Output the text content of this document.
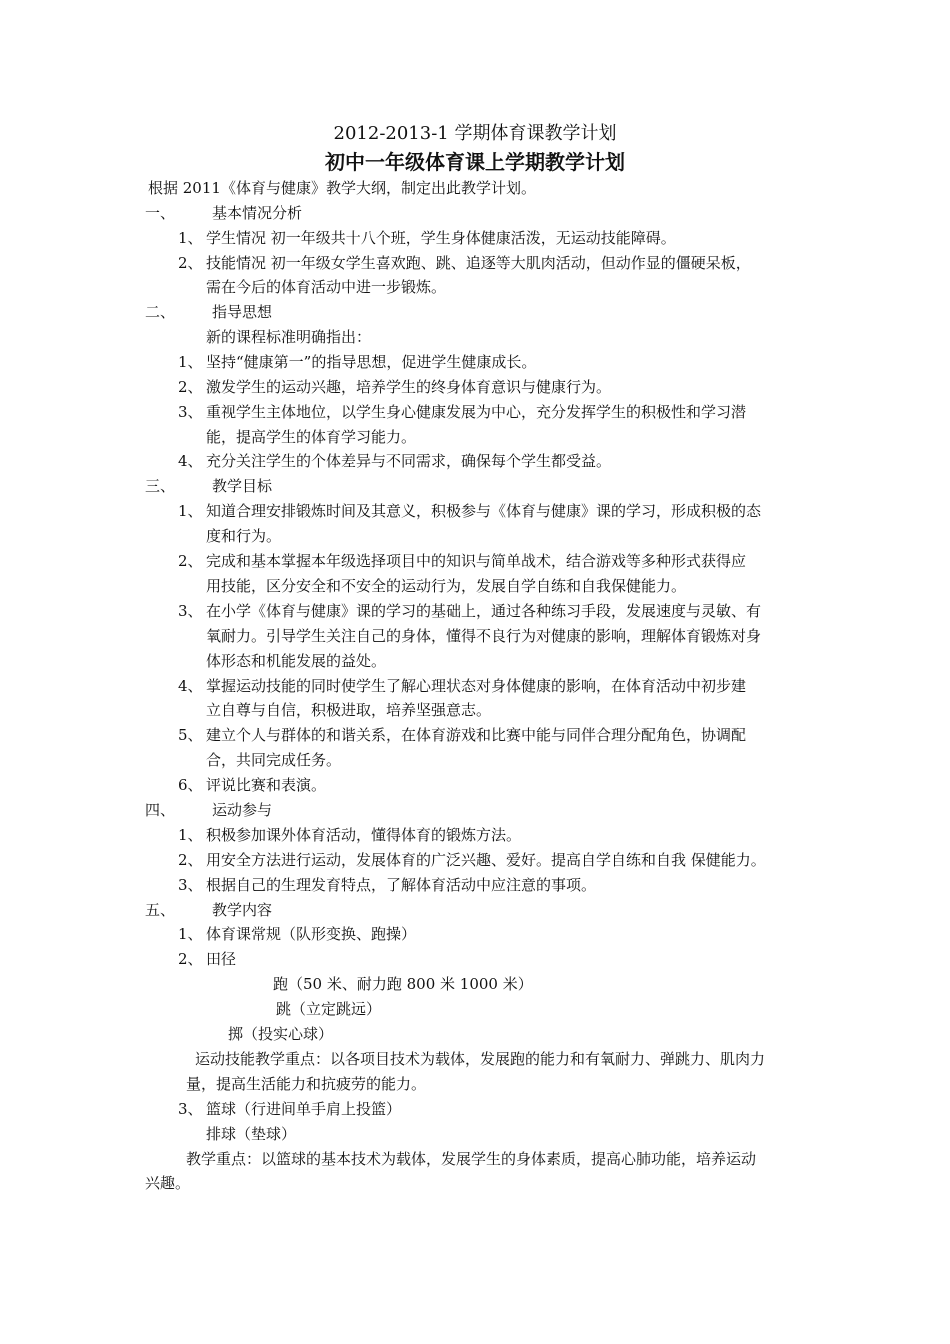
2012-2013-1 学期体育课教学计划
初中一年级体育课上学期教学计划
根据 2011《体育与健康》教学大纲，制定出此教学计划。
一、 基本情况分析
1、 学生情况 初一年级共十八个班，学生身体健康活泼，无运动技能障碍。
2、 技能情况 初一年级女学生喜欢跑、跳、追逐等大肌肉活动，但动作显的僵硬呆板，
需在今后的体育活动中进一步锻炼。
二、 指导思想
新的课程标准明确指出：
1、 坚持“健康第一”的指导思想，促进学生健康成长。
2、 激发学生的运动兴趣，培养学生的终身体育意识与健康行为。
3、 重视学生主体地位，以学生身心健康发展为中心，充分发挥学生的积极性和学习潜
能，提高学生的体育学习能力。
4、 充分关注学生的个体差异与不同需求，确保每个学生都受益。
三、 教学目标
1、 知道合理安排锻炼时间及其意义，积极参与《体育与健康》课的学习，形成积极的态
度和行为。
2、 完成和基本掌握本年级选择项目中的知识与简单战术，结合游戏等多种形式获得应
用技能，区分安全和不安全的运动行为，发展自学自练和自我保健能力。
3、 在小学《体育与健康》课的学习的基础上，通过各种练习手段，发展速度与灵敏、有
氧耐力。引导学生关注自己的身体，懂得不良行为对健康的影响，理解体育锻炼对身
体形态和机能发展的益处。
4、 掌握运动技能的同时使学生了解心理状态对身体健康的影响，在体育活动中初步建
立自尊与自信，积极进取，培养坚强意志。
5、 建立个人与群体的和谐关系，在体育游戏和比赛中能与同伴合理分配角色，协调配
合，共同完成任务。
6、 评说比赛和表演。
四、 运动参与
1、 积极参加课外体育活动，懂得体育的锻炼方法。
2、 用安全方法进行运动，发展体育的广泛兴趣、爱好。提高自学自练和自我 保健能力。
3、 根据自己的生理发育特点，了解体育活动中应注意的事项。
五、 教学内容
1、 体育课常规（队形变换、跑操）
2、 田径
跑（50 米、耐力跑 800 米 1000 米）
跳（立定跳远）
掷（投实心球）
运动技能教学重点：以各项目技术为载体，发展跑的能力和有氧耐力、弹跳力、肌肉力
量，提高生活能力和抗疲劳的能力。
3、 篮球（行进间单手肩上投篮）
排球（垫球）
教学重点：以篮球的基本技术为载体，发展学生的身体素质，提高心肺功能，培养运动
兴趣。
